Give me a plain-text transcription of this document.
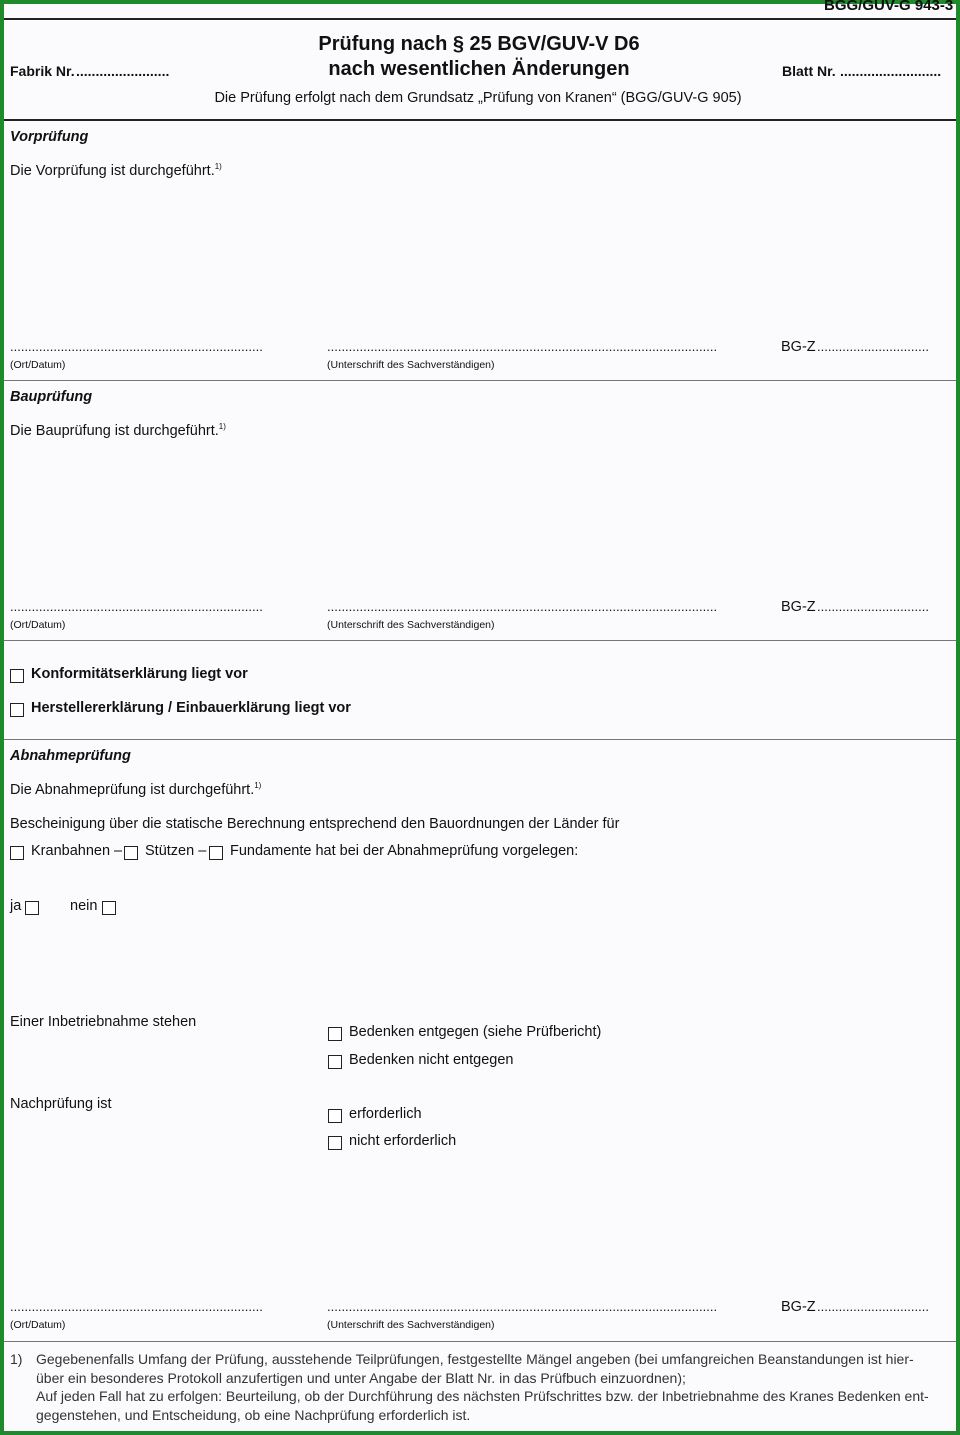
BGG/GUV-G 943-3
Prüfung nach § 25 BGV/GUV-V D6
nach wesentlichen Änderungen
Fabrik Nr. ........................	Blatt Nr. ..........................
Die Prüfung erfolgt nach dem Grundsatz „Prüfung von Kranen“ (BGG/GUV-G 905)
Vorprüfung
Die Vorprüfung ist durchgeführt.$^{1)}$
......................................................................	............................................................................................................	BG-Z ...............................
(Ort/Datum)	(Unterschrift des Sachverständigen)
Bauprüfung
Die Bauprüfung ist durchgeführt.$^{1)}$
......................................................................	............................................................................................................	BG-Z ...............................
(Ort/Datum)	(Unterschrift des Sachverständigen)
Konformitätserklärung liegt vor
Herstellererklärung / Einbauerklärung liegt vor
Abnahmeprüfung
Die Abnahmeprüfung ist durchgeführt.$^{1)}$
Bescheinigung über die statische Berechnung entsprechend den Bauordnungen der Länder für
Kranbahnen – Stützen – Fundamente hat bei der Abnahmeprüfung vorgelegen:
ja	nein
Einer Inbetriebnahme stehen
Bedenken entgegen (siehe Prüfbericht)
Bedenken nicht entgegen
Nachprüfung ist
erforderlich
nicht erforderlich
......................................................................	............................................................................................................	BG-Z ...............................
(Ort/Datum)	(Unterschrift des Sachverständigen)
1) Gegebenenfalls Umfang der Prüfung, ausstehende Teilprüfungen, festgestellte Mängel angeben (bei umfangreichen Beanstandungen ist hier-
über ein besonderes Protokoll anzufertigen und unter Angabe der Blatt Nr. in das Prüfbuch einzuordnen);
Auf jeden Fall hat zu erfolgen: Beurteilung, ob der Durchführung des nächsten Prüfschrittes bzw. der Inbetriebnahme des Kranes Bedenken ent-
gegenstehen, und Entscheidung, ob eine Nachprüfung erforderlich ist.
